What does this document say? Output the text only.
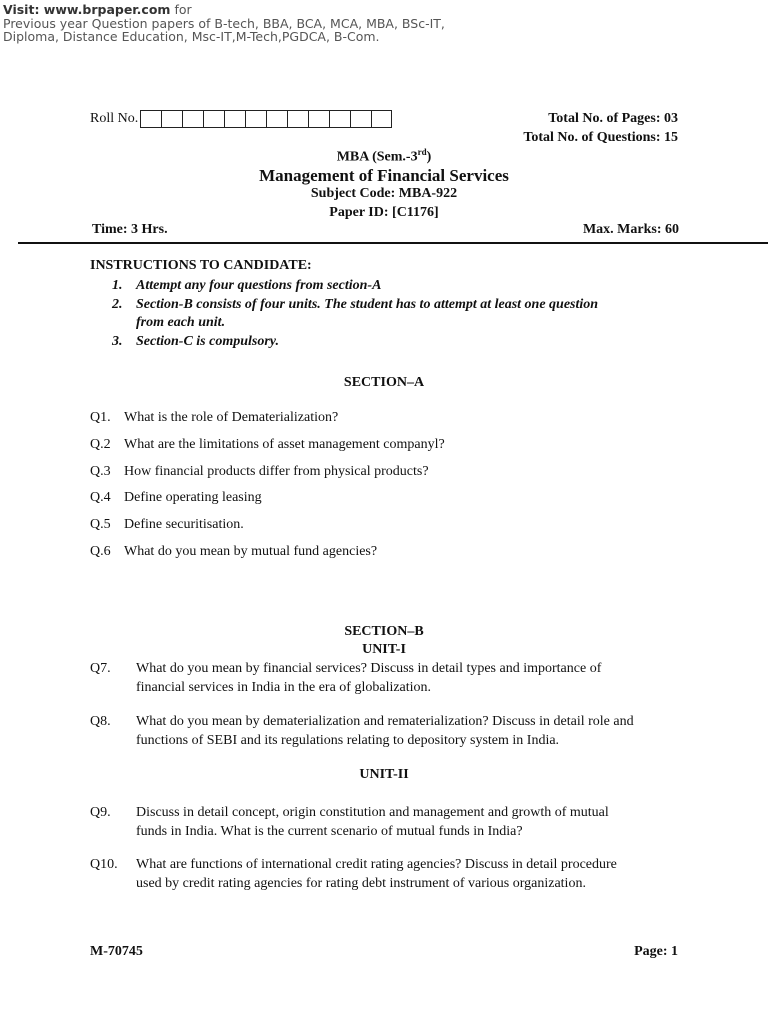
Visit: www.brpaper.com for
Previous year Question papers of B-tech, BBA, BCA, MCA, MBA, BSc-IT,
Diploma, Distance Education, Msc-IT,M-Tech,PGDCA, B-Com.
Roll No.	Total No. of Pages: 03
Total No. of Questions: 15
MBA (Sem.-3rd)
Management of Financial Services
Subject Code: MBA-922
Paper ID: [C1176]
Time: 3 Hrs.	Max. Marks: 60
INSTRUCTIONS TO CANDIDATE:
1. Attempt any four questions from section-A
2. Section-B consists of four units. The student has to attempt at least one question
from each unit.
3. Section-C is compulsory.
SECTION–A
Q1. What is the role of Dematerialization?
Q.2 What are the limitations of asset management companyl?
Q.3 How financial products differ from physical products?
Q.4 Define operating leasing
Q.5 Define securitisation.
Q.6 What do you mean by mutual fund agencies?
SECTION–B
UNIT-I
Q7. What do you mean by financial services? Discuss in detail types and importance of
financial services in India in the era of globalization.
Q8. What do you mean by dematerialization and rematerialization? Discuss in detail role and
functions of SEBI and its regulations relating to depository system in India.
UNIT-II
Q9. Discuss in detail concept, origin constitution and management and growth of mutual
funds in India. What is the current scenario of mutual funds in India?
Q10. What are functions of international credit rating agencies? Discuss in detail procedure
used by credit rating agencies for rating debt instrument of various organization.
M-70745	Page: 1
